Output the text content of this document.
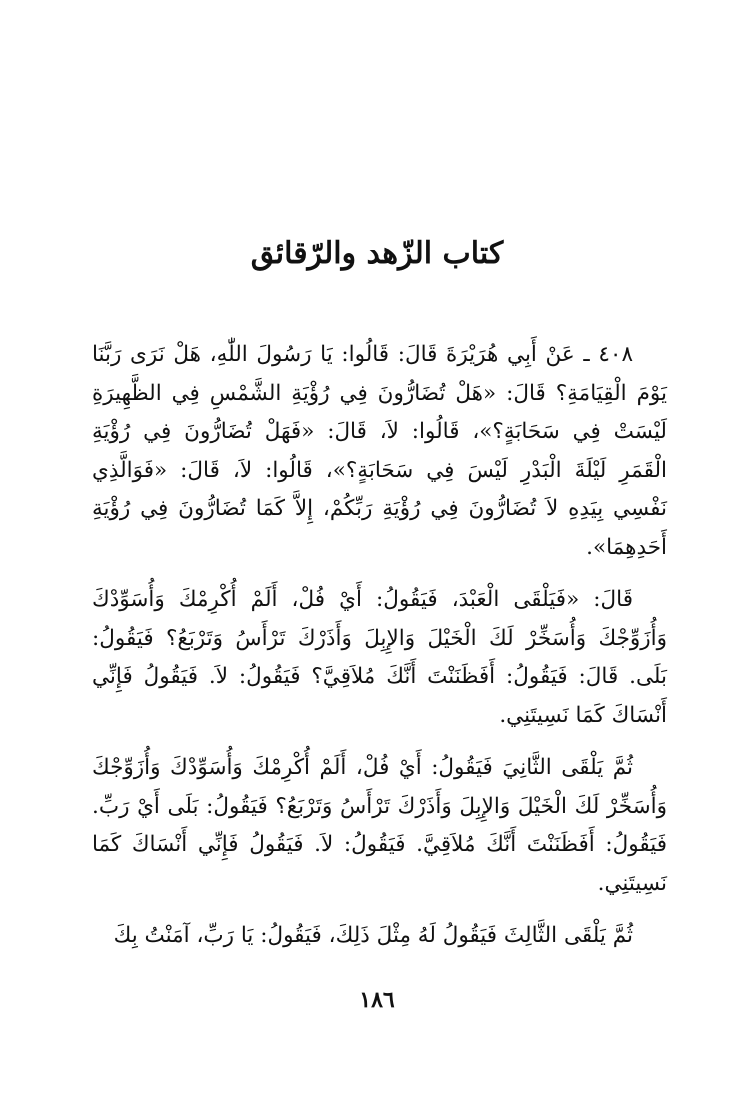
كتاب الزّهد والرّقائق

٤٠٨ ـ عَنْ أَبِي هُرَيْرَةَ قَالَ: قَالُوا: يَا رَسُولَ اللّٰهِ، هَلْ نَرَى رَبَّنَا يَوْمَ الْقِيَامَةِ؟ قَالَ: «هَلْ تُضَارُّونَ فِي رُؤْيَةِ الشَّمْسِ فِي الظَّهِيرَةِ لَيْسَتْ فِي سَحَابَةٍ؟»، قَالُوا: لاَ، قَالَ: «فَهَلْ تُضَارُّونَ فِي رُؤْيَةِ الْقَمَرِ لَيْلَةَ الْبَدْرِ لَيْسَ فِي سَحَابَةٍ؟»، قَالُوا: لاَ، قَالَ: «فَوَالَّذِي نَفْسِي بِيَدِهِ لاَ تُضَارُّونَ فِي رُؤْيَةِ رَبِّكُمْ، إِلاَّ كَمَا تُضَارُّونَ فِي رُؤْيَةِ أَحَدِهِمَا».

قَالَ: «فَيَلْقَى الْعَبْدَ، فَيَقُولُ: أَيْ فُلْ، أَلَمْ أُكْرِمْكَ وَأُسَوِّدْكَ وَأُزَوِّجْكَ وَأُسَخِّرْ لَكَ الْخَيْلَ وَالإِبِلَ وَأَذَرْكَ تَرْأَسُ وَتَرْبَعُ؟ فَيَقُولُ: بَلَى. قَالَ: فَيَقُولُ: أَفَظَنَنْتَ أَنَّكَ مُلاَقِيَّ؟ فَيَقُولُ: لاَ. فَيَقُولُ فَإِنِّي أَنْسَاكَ كَمَا نَسِيتَنِي.

ثُمَّ يَلْقَى الثَّانِيَ فَيَقُولُ: أَيْ فُلْ، أَلَمْ أُكْرِمْكَ وَأُسَوِّدْكَ وَأُزَوِّجْكَ وَأُسَخِّرْ لَكَ الْخَيْلَ وَالإِبِلَ وَأَذَرْكَ تَرْأَسُ وَتَرْبَعُ؟ فَيَقُولُ: بَلَى أَيْ رَبِّ. فَيَقُولُ: أَفَظَنَنْتَ أَنَّكَ مُلاَقِيَّ. فَيَقُولُ: لاَ. فَيَقُولُ فَإِنِّي أَنْسَاكَ كَمَا نَسِيتَنِي.

ثُمَّ يَلْقَى الثَّالِثَ فَيَقُولُ لَهُ مِثْلَ ذَلِكَ، فَيَقُولُ: يَا رَبِّ، آمَنْتُ بِكَ

١٨٦
